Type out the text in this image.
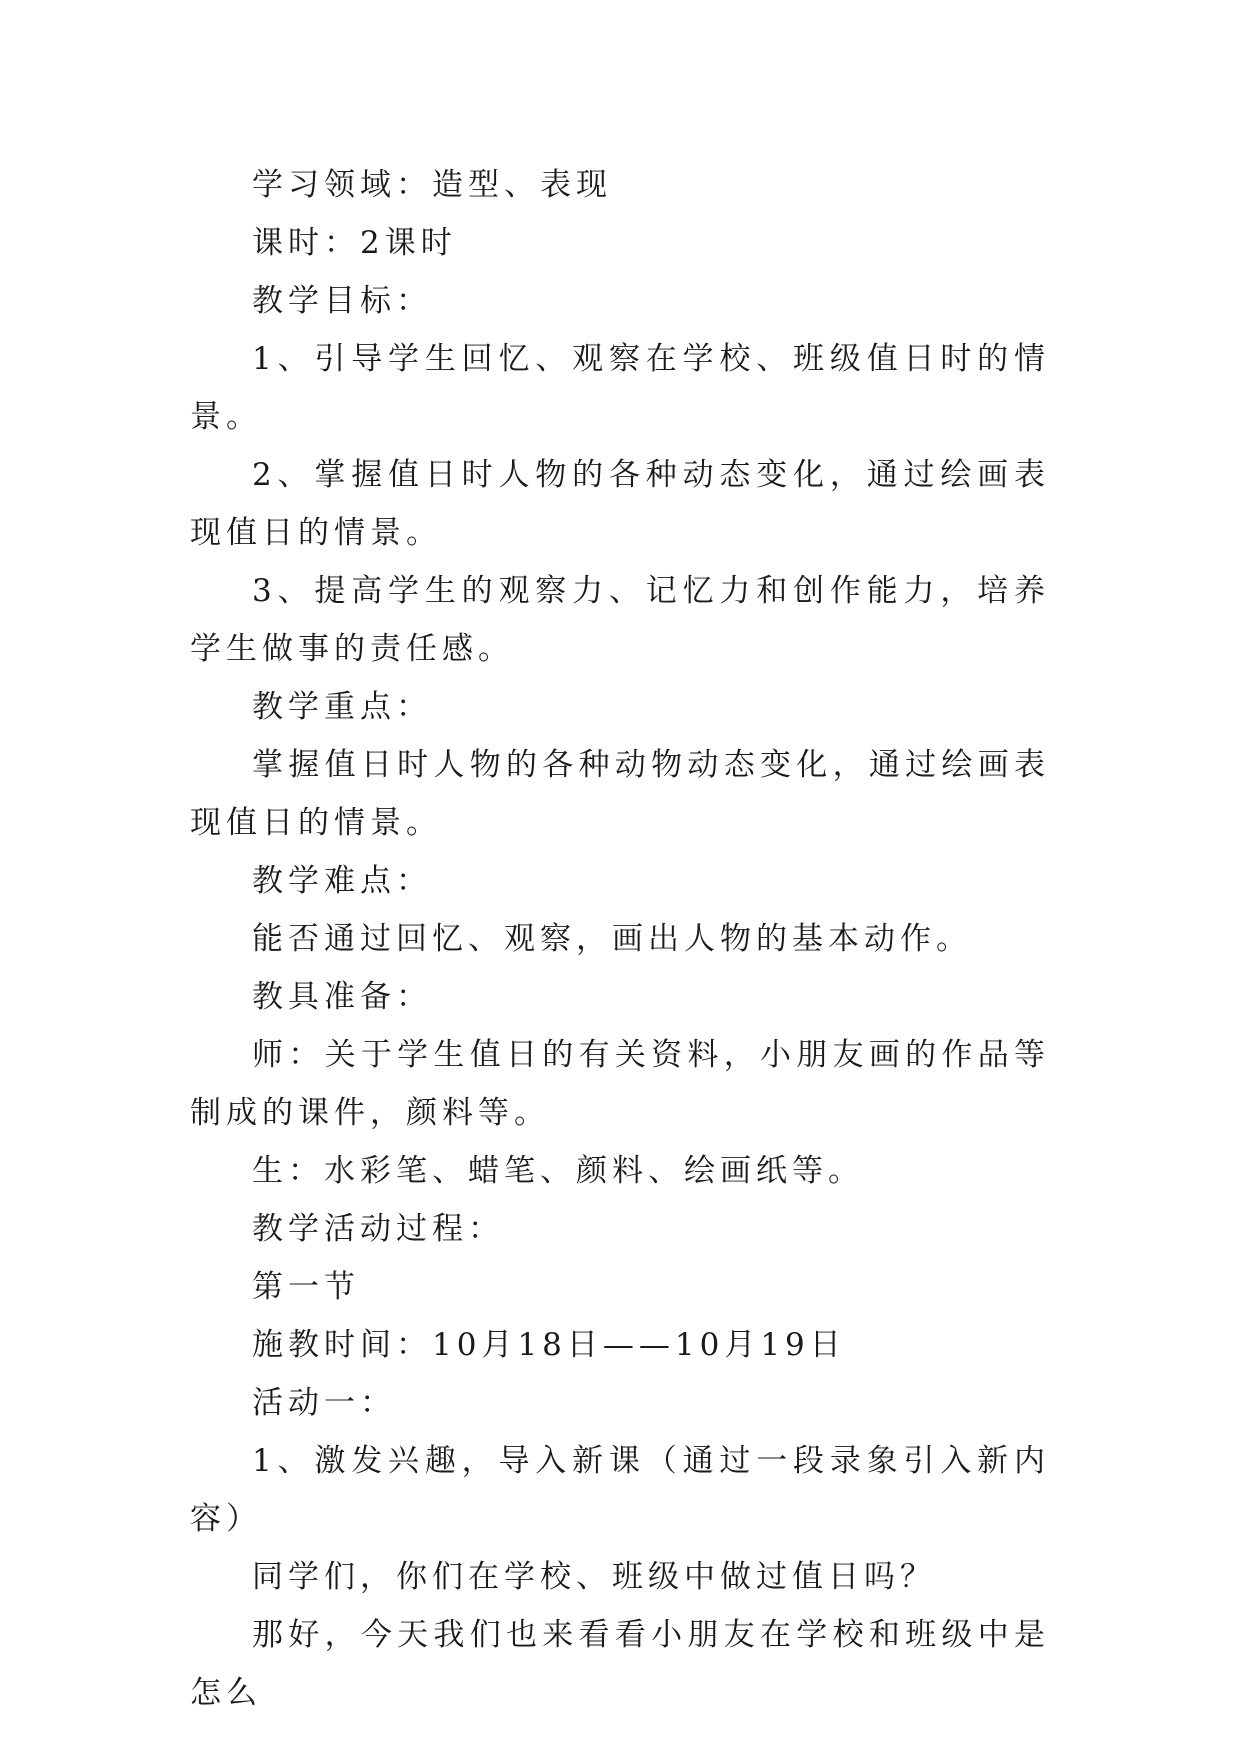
学习领域：造型、表现

课时：2课时

教学目标：

1、引导学生回忆、观察在学校、班级值日时的情景。

2、掌握值日时人物的各种动态变化，通过绘画表现值日的情景。

3、提高学生的观察力、记忆力和创作能力，培养学生做事的责任感。

教学重点：

掌握值日时人物的各种动物动态变化，通过绘画表现值日的情景。

教学难点：

能否通过回忆、观察，画出人物的基本动作。

教具准备：

师：关于学生值日的有关资料，小朋友画的作品等制成的课件，颜料等。

生：水彩笔、蜡笔、颜料、绘画纸等。

教学活动过程：

第一节

施教时间：10月18日——10月19日

活动一：

1、激发兴趣，导入新课（通过一段录象引入新内容）

同学们，你们在学校、班级中做过值日吗？

那好，今天我们也来看看小朋友在学校和班级中是怎么
